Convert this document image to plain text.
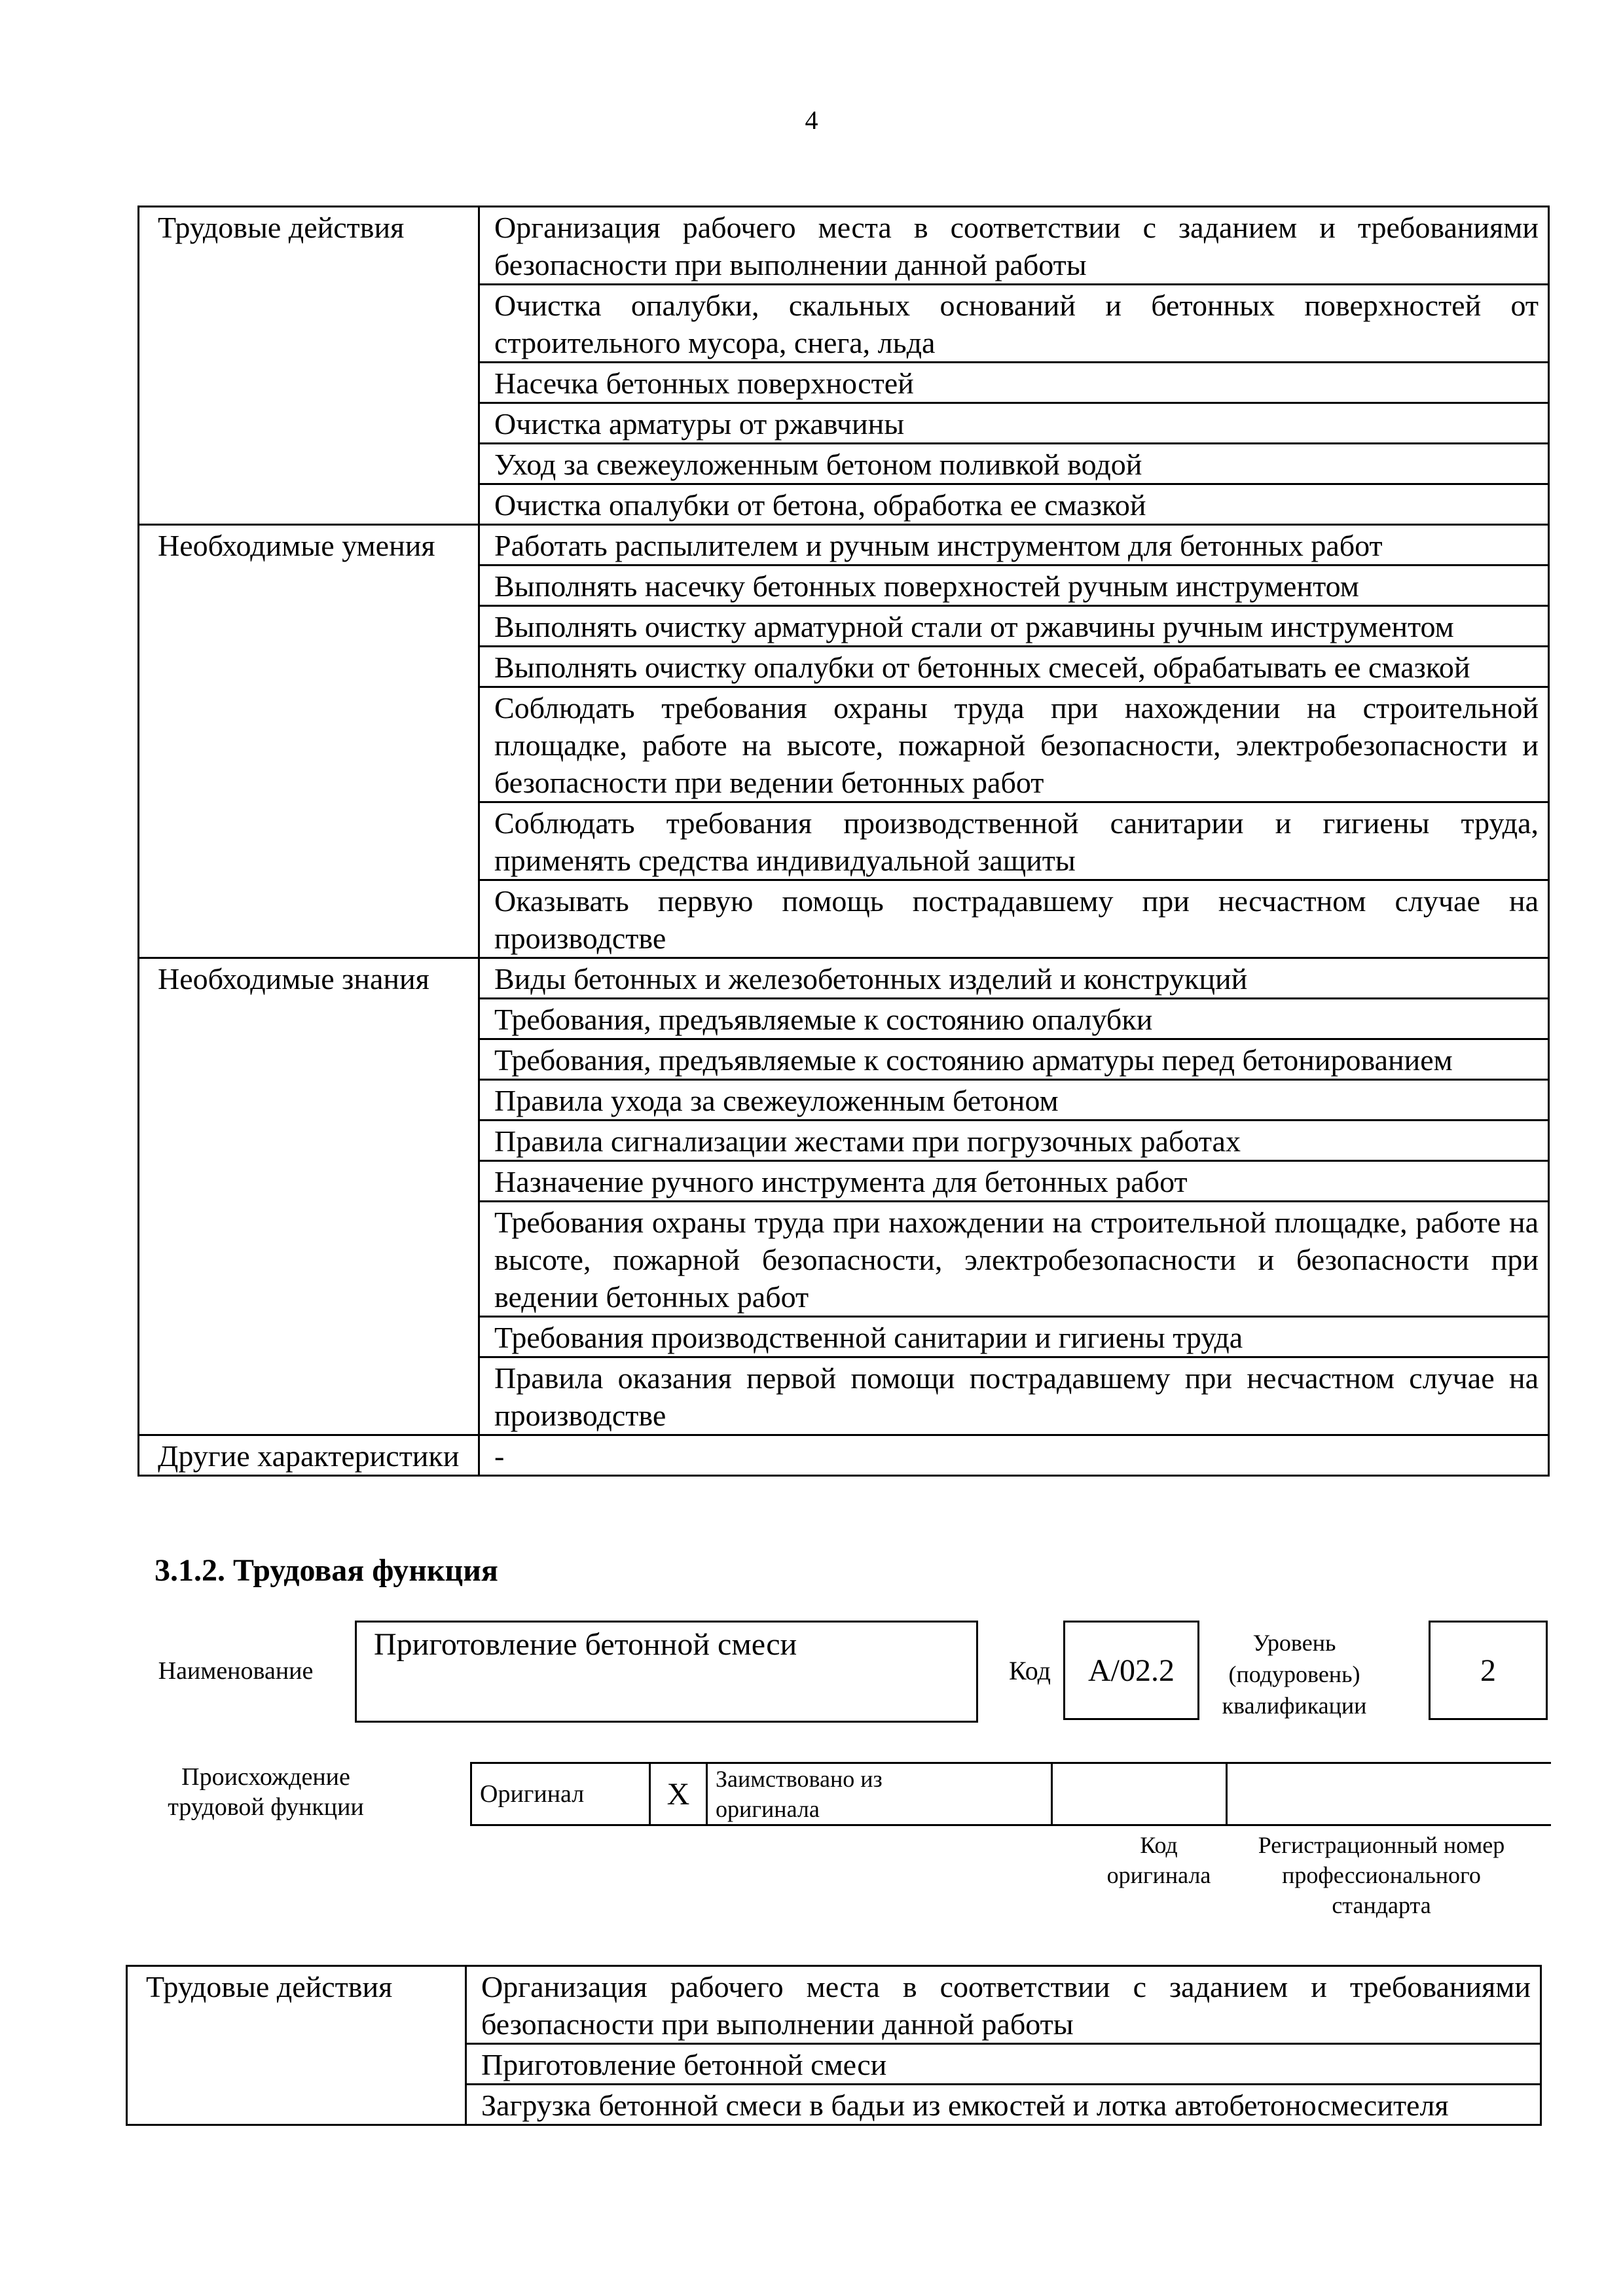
4
Трудовые действия	Организация рабочего места в соответствии с заданием и требованиями безопасности при выполнении данной работы
	Очистка опалубки, скальных оснований и бетонных поверхностей от строительного мусора, снега, льда
	Насечка бетонных поверхностей
	Очистка арматуры от ржавчины
	Уход за свежеуложенным бетоном поливкой водой
	Очистка опалубки от бетона, обработка ее смазкой
Необходимые умения	Работать распылителем и ручным инструментом для бетонных работ
	Выполнять насечку бетонных поверхностей ручным инструментом
	Выполнять очистку арматурной стали от ржавчины ручным инструментом
	Выполнять очистку опалубки от бетонных смесей, обрабатывать ее смазкой
	Соблюдать требования охраны труда при нахождении на строительной площадке, работе на высоте, пожарной безопасности, электробезопасности и безопасности при ведении бетонных работ
	Соблюдать требования производственной санитарии и гигиены труда, применять средства индивидуальной защиты
	Оказывать первую помощь пострадавшему при несчастном случае на производстве
Необходимые знания	Виды бетонных и железобетонных изделий и конструкций
	Требования, предъявляемые к состоянию опалубки
	Требования, предъявляемые к состоянию арматуры перед бетонированием
	Правила ухода за свежеуложенным бетоном
	Правила сигнализации жестами при погрузочных работах
	Назначение ручного инструмента для бетонных работ
	Требования охраны труда при нахождении на строительной площадке, работе на высоте, пожарной безопасности, электробезопасности и безопасности при ведении бетонных работ
	Требования производственной санитарии и гигиены труда
	Правила оказания первой помощи пострадавшему при несчастном случае на производстве
Другие характеристики	-
3.1.2. Трудовая функция
Наименование
Приготовление бетонной смеси
Код	A/02.2
Уровень
(подуровень)
квалификации
2
Происхождение
трудовой функции	Оригинал	X	Заимствовано из
оригинала

Код
оригинала
Регистрационный номер
профессионального
стандарта
Трудовые действия	Организация рабочего места в соответствии с заданием и требованиями безопасности при выполнении данной работы
Приготовление бетонной смеси
Загрузка бетонной смеси в бадьи из емкостей и лотка автобетоносмесителя
